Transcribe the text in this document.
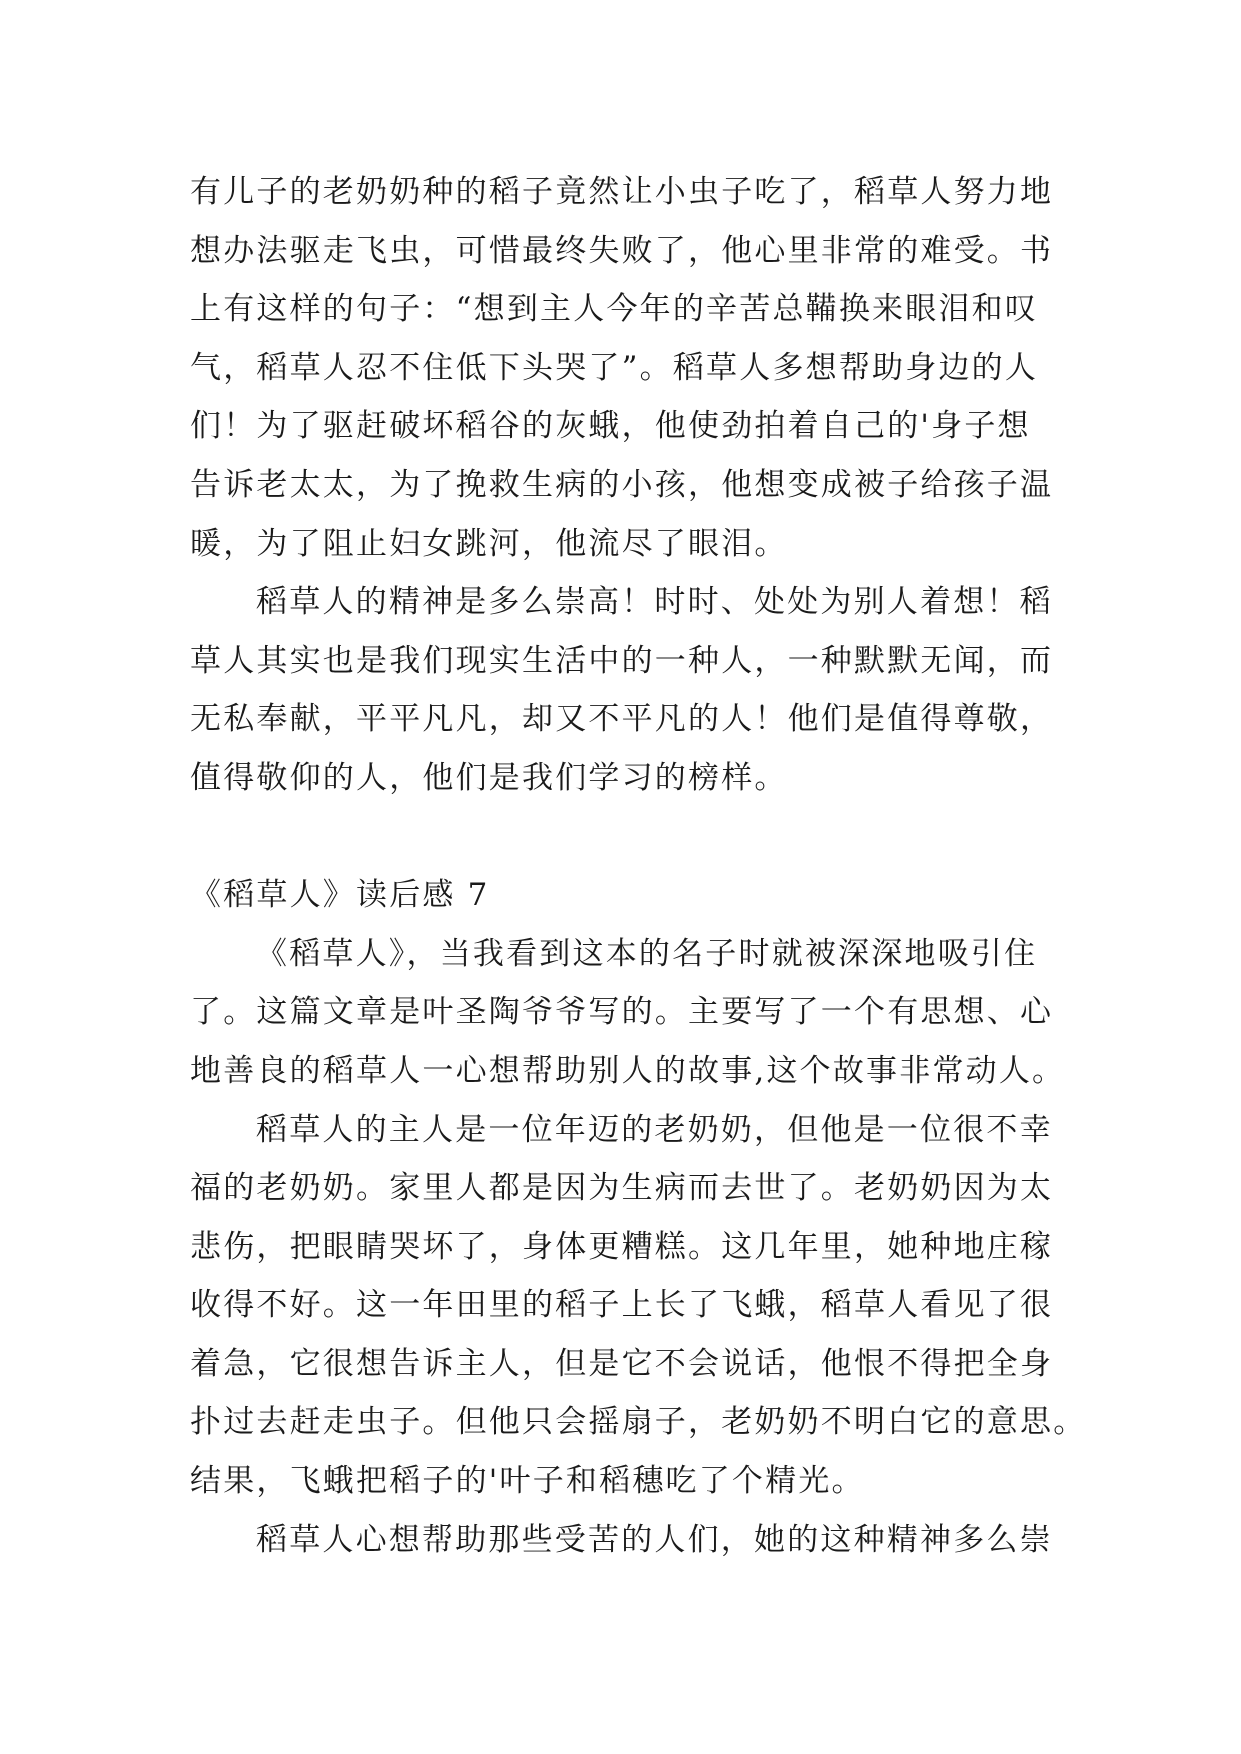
有儿子的老奶奶种的稻子竟然让小虫子吃了，稻草人努力地
想办法驱走飞虫，可惜最终失败了，他心里非常的难受。书
上有这样的句子：“想到主人今年的辛苦总鞴换来眼泪和叹
气，稻草人忍不住低下头哭了”。稻草人多想帮助身边的人
们！为了驱赶破坏稻谷的灰蛾，他使劲拍着自己的'身子想
告诉老太太，为了挽救生病的小孩，他想变成被子给孩子温
暖，为了阻止妇女跳河，他流尽了眼泪。
稻草人的精神是多么崇高！时时、处处为别人着想！稻
草人其实也是我们现实生活中的一种人，一种默默无闻，而
无私奉献，平平凡凡，却又不平凡的人！他们是值得尊敬，
值得敬仰的人，他们是我们学习的榜样。
《稻草人》读后感 7
《稻草人》，当我看到这本的名子时就被深深地吸引住
了。这篇文章是叶圣陶爷爷写的。主要写了一个有思想、心
地善良的稻草人一心想帮助别人的故事,这个故事非常动人。
稻草人的主人是一位年迈的老奶奶，但他是一位很不幸
福的老奶奶。家里人都是因为生病而去世了。老奶奶因为太
悲伤，把眼睛哭坏了，身体更糟糕。这几年里，她种地庄稼
收得不好。这一年田里的稻子上长了飞蛾，稻草人看见了很
着急，它很想告诉主人，但是它不会说话，他恨不得把全身
扑过去赶走虫子。但他只会摇扇子，老奶奶不明白它的意思。
结果，飞蛾把稻子的'叶子和稻穗吃了个精光。
稻草人心想帮助那些受苦的人们，她的这种精神多么崇
